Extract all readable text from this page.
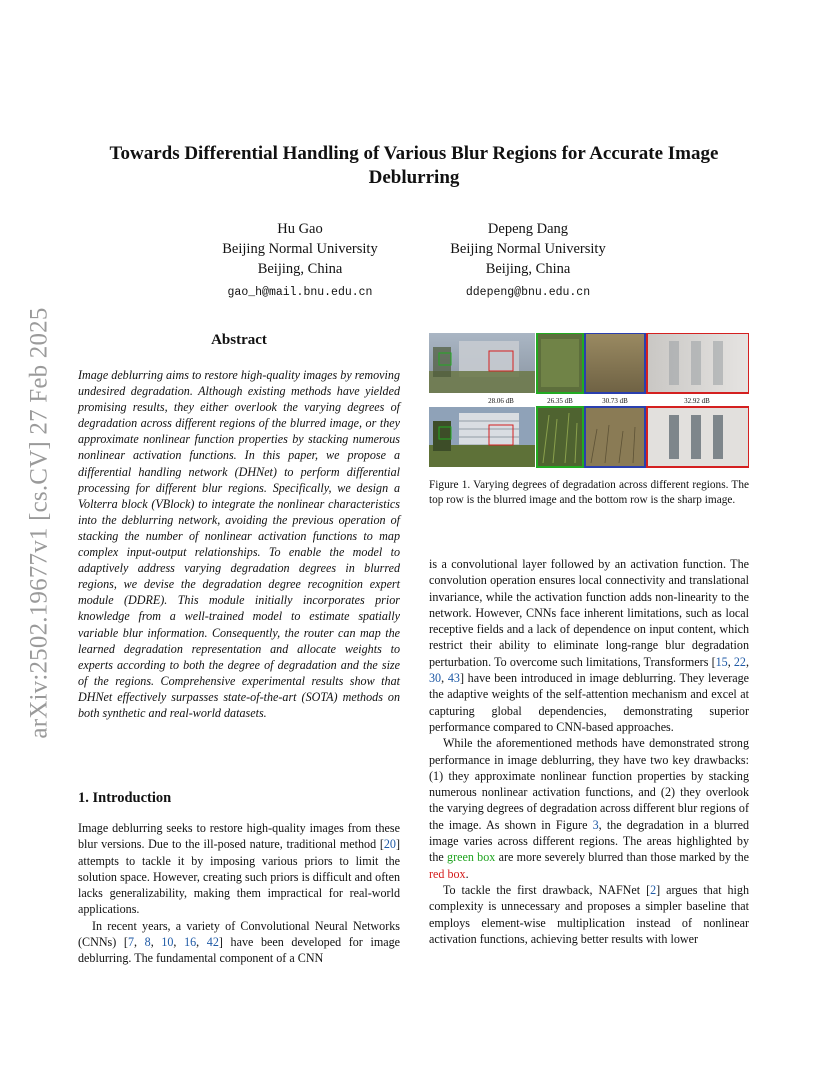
arXiv:2502.19677v1 [cs.CV] 27 Feb 2025
Towards Differential Handling of Various Blur Regions for Accurate Image Deblurring
Hu Gao
Beijing Normal University
Beijing, China
gao_h@mail.bnu.edu.cn
Depeng Dang
Beijing Normal University
Beijing, China
ddepeng@bnu.edu.cn
Abstract
Image deblurring aims to restore high-quality images by removing undesired degradation. Although existing methods have yielded promising results, they either overlook the varying degrees of degradation across different regions of the blurred image, or they approximate nonlinear function properties by stacking numerous nonlinear activation functions. In this paper, we propose a differential handling network (DHNet) to perform differential processing for different blur regions. Specifically, we design a Volterra block (VBlock) to integrate the nonlinear characteristics into the deblurring network, avoiding the previous operation of stacking the number of nonlinear activation functions to map complex input-output relationships. To enable the model to adaptively address varying degradation degrees in blurred regions, we devise the degradation degree recognition expert module (DDRE). This module initially incorporates prior knowledge from a well-trained model to estimate spatially variable blur information. Consequently, the router can map the learned degradation representation and allocate weights to experts according to both the degree of degradation and the size of the regions. Comprehensive experimental results show that DHNet effectively surpasses state-of-the-art (SOTA) methods on both synthetic and real-world datasets.
1. Introduction

Image deblurring seeks to restore high-quality images from these blur versions. Due to the ill-posed nature, traditional method [20] attempts to tackle it by imposing various priors to limit the solution space. However, creating such priors is difficult and often lacks generalizability, making them impractical for real-world applications.

In recent years, a variety of Convolutional Neural Networks (CNNs) [7, 8, 10, 16, 42] have been developed for image deblurring. The fundamental component of a CNN

28.06 dB	26.35 dB	30.73 dB	32.92 dB
Figure 1. Varying degrees of degradation across different regions. The top row is the blurred image and the bottom row is the sharp image.

is a convolutional layer followed by an activation function. The convolution operation ensures local connectivity and translational invariance, while the activation function adds non-linearity to the network. However, CNNs face inherent limitations, such as local receptive fields and a lack of dependence on input content, which restrict their ability to eliminate long-range blur degradation perturbation. To overcome such limitations, Transformers [15, 22, 30, 43] have been introduced in image deblurring. They leverage the adaptive weights of the self-attention mechanism and excel at capturing global dependencies, demonstrating superior performance compared to CNN-based approaches.

While the aforementioned methods have demonstrated strong performance in image deblurring, they have two key drawbacks: (1) they approximate nonlinear function properties by stacking numerous nonlinear activation functions, and (2) they overlook the varying degrees of degradation across different blur regions of the image. As shown in Figure 3, the degradation in a blurred image varies across different regions. The areas highlighted by the green box are more severely blurred than those marked by the red box.

To tackle the first drawback, NAFNet [2] argues that high complexity is unnecessary and proposes a simpler baseline that employs element-wise multiplication instead of nonlinear activation functions, achieving better results with lower
